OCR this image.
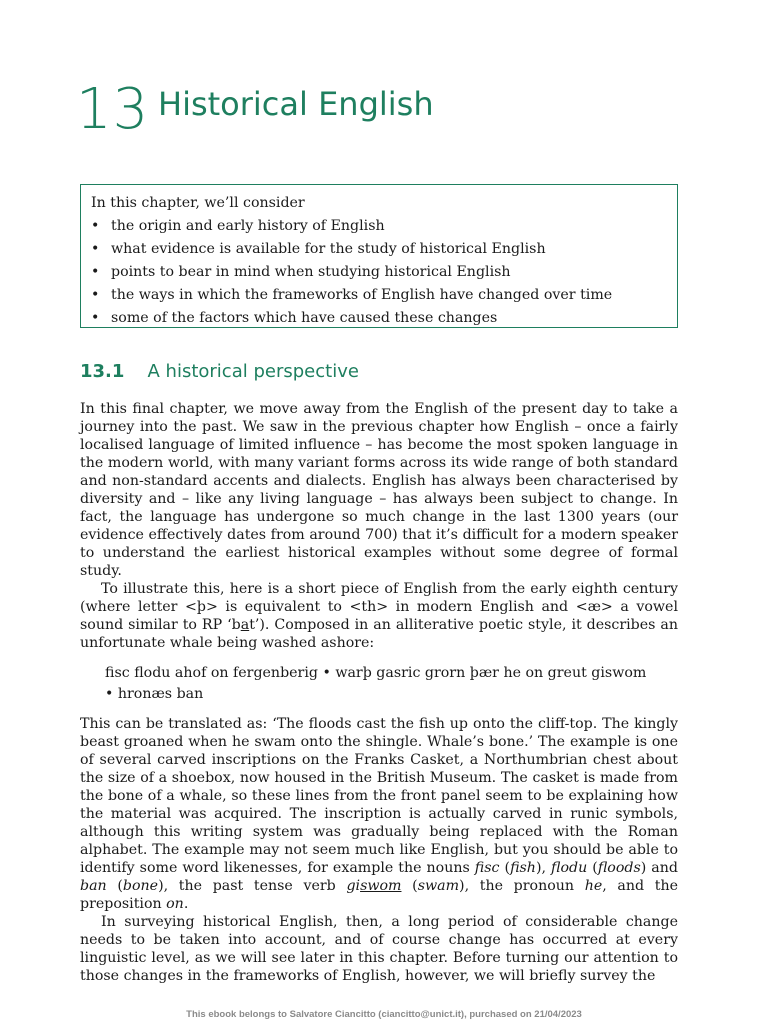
13 Historical English
In this chapter, we’ll consider
• the origin and early history of English
• what evidence is available for the study of historical English
• points to bear in mind when studying historical English
• the ways in which the frameworks of English have changed over time
• some of the factors which have caused these changes
13.1 A historical perspective

In this final chapter, we move away from the English of the present day to take a journey into the past. We saw in the previous chapter how English – once a fairly localised language of limited influence – has become the most spoken language in the modern world, with many variant forms across its wide range of both standard and non-standard accents and dialects. English has always been characterised by diversity and – like any living language – has always been subject to change. In fact, the language has undergone so much change in the last 1300 years (our evidence effectively dates from around 700) that it’s difficult for a modern speaker to understand the earliest historical examples without some degree of formal study.

To illustrate this, here is a short piece of English from the early eighth century (where letter <þ> is equivalent to <th> in modern English and <æ> a vowel sound similar to RP ‘bat’). Composed in an alliterative poetic style, it describes an unfortunate whale being washed ashore:

fisc flodu ahof on fergenberig • warþ gasric grorn þær he on greut giswom
• hronæs ban

This can be translated as: ‘The floods cast the fish up onto the cliff-top. The kingly beast groaned when he swam onto the shingle. Whale’s bone.’ The example is one of several carved inscriptions on the Franks Casket, a Northumbrian chest about the size of a shoebox, now housed in the British Museum. The casket is made from the bone of a whale, so these lines from the front panel seem to be explaining how the material was acquired. The inscription is actually carved in runic symbols, although this writing system was gradually being replaced with the Roman alphabet. The example may not seem much like English, but you should be able to identify some word likenesses, for example the nouns fisc (fish), flodu (floods) and ban (bone), the past tense verb giswom (swam), the pronoun he, and the preposition on.

In surveying historical English, then, a long period of considerable change needs to be taken into account, and of course change has occurred at every linguistic level, as we will see later in this chapter. Before turning our attention to those changes in the frameworks of English, however, we will briefly survey the

This ebook belongs to Salvatore Ciancitto (ciancitto@unict.it), purchased on 21/04/2023
